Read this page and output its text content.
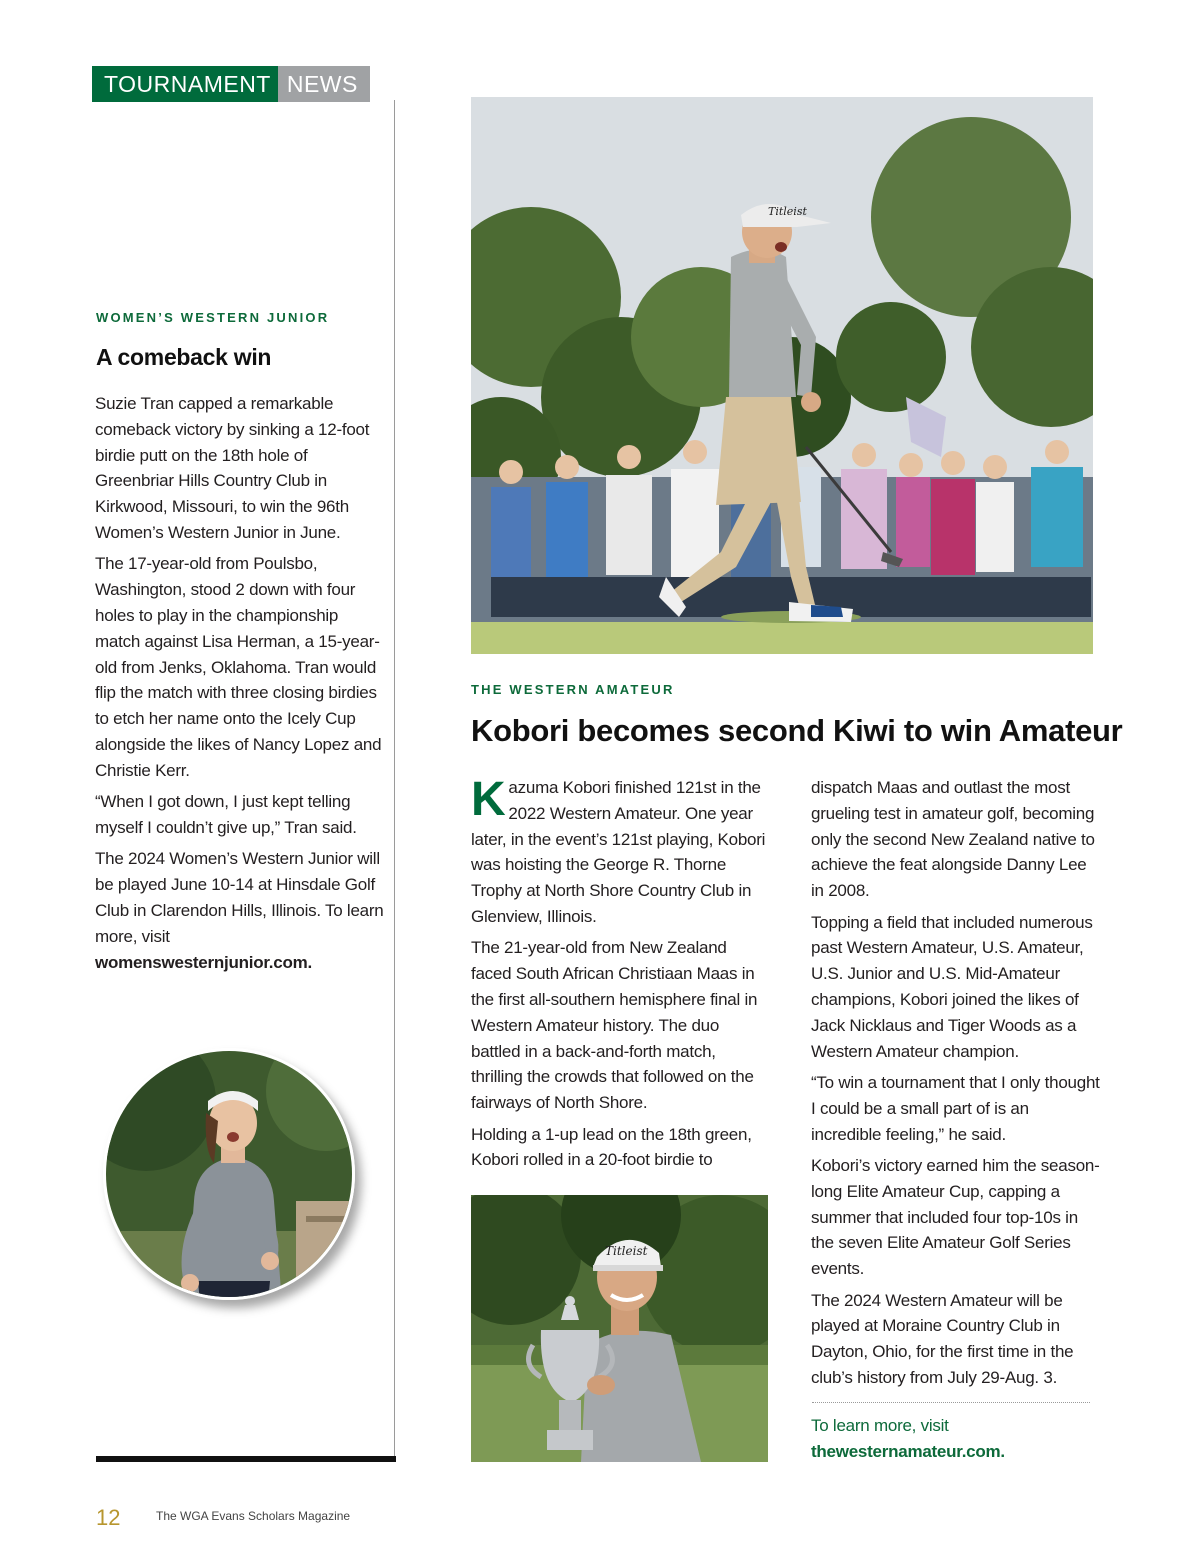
TOURNAMENT NEWS
WOMEN’S WESTERN JUNIOR
A comeback win

Suzie Tran capped a remarkable comeback victory by sinking a 12-foot birdie putt on the 18th hole of Greenbriar Hills Country Club in Kirkwood, Missouri, to win the 96th Women’s Western Junior in June.

The 17-year-old from Poulsbo, Washington, stood 2 down with four holes to play in the championship match against Lisa Herman, a 15-year-old from Jenks, Oklahoma. Tran would flip the match with three closing birdies to etch her name onto the Icely Cup alongside the likes of Nancy Lopez and Christie Kerr.

“When I got down, I just kept telling myself I couldn’t give up,” Tran said.

The 2024 Women’s Western Junior will be played June 10-14 at Hinsdale Golf Club in Clarendon Hills, Illinois. To learn more, visit womenswesternjunior.com.

Titleist
THE WESTERN AMATEUR
Kobori becomes second Kiwi to win Amateur

Kazuma Kobori finished 121st in the 2022 Western Amateur. One year later, in the event’s 121st playing, Kobori was hoisting the George R. Thorne Trophy at North Shore Country Club in Glenview, Illinois.

The 21-year-old from New Zealand faced South African Christiaan Maas in the first all-southern hemisphere final in Western Amateur history. The duo battled in a back-and-forth match, thrilling the crowds that followed on the fairways of North Shore.

Holding a 1-up lead on the 18th green, Kobori rolled in a 20-foot birdie to

dispatch Maas and outlast the most grueling test in amateur golf, becoming only the second New Zealand native to achieve the feat alongside Danny Lee in 2008.

Topping a field that included numerous past Western Amateur, U.S. Amateur, U.S. Junior and U.S. Mid-Amateur champions, Kobori joined the likes of Jack Nicklaus and Tiger Woods as a Western Amateur champion.

“To win a tournament that I only thought I could be a small part of is an incredible feeling,” he said.

Kobori’s victory earned him the season-long Elite Amateur Cup, capping a summer that included four top-10s in the seven Elite Amateur Golf Series events.

The 2024 Western Amateur will be played at Moraine Country Club in Dayton, Ohio, for the first time in the club’s history from July 29-Aug. 3.

Titleist
To learn more, visit
thewesternamateur.com.
12	The WGA Evans Scholars Magazine
